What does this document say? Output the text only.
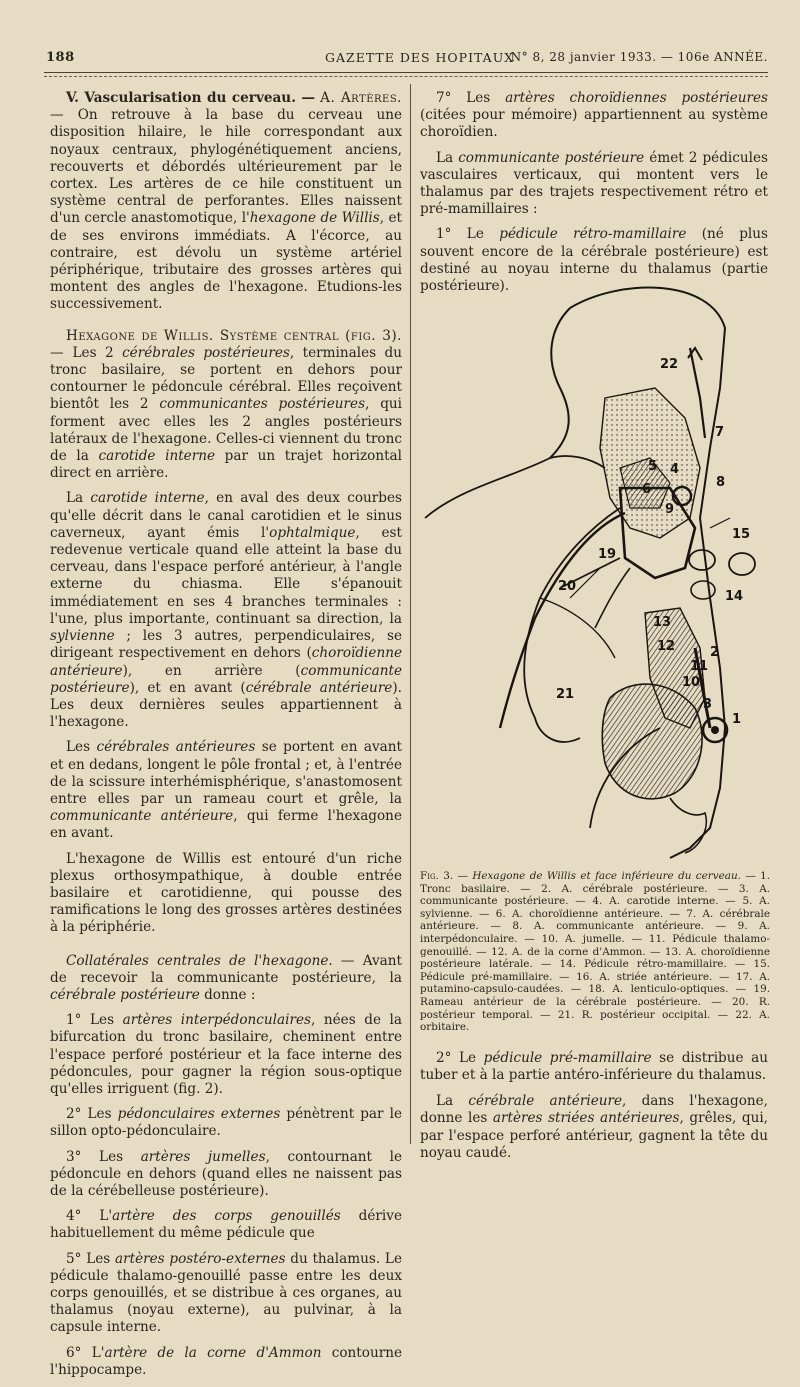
188	GAZETTE DES HOPITAUX
N° 8, 28 janvier 1933. — 106e ANNÉE.

V. Vascularisation du cerveau. — A. Artères. — On retrouve à la base du cerveau une disposition hilaire, le hile correspondant aux noyaux centraux, phylogénétiquement anciens, recouverts et débordés ultérieurement par le cortex. Les artères de ce hile constituent un système central de perforantes. Elles naissent d'un cercle anastomotique, l'hexagone de Willis, et de ses environs immédiats. A l'écorce, au contraire, est dévolu un système artériel périphérique, tributaire des grosses artères qui montent des angles de l'hexagone. Etudions-les successivement.

Hexagone de Willis. Système central (fig. 3). — Les 2 cérébrales postérieures, terminales du tronc basilaire, se portent en dehors pour contourner le pédoncule cérébral. Elles reçoivent bientôt les 2 communicantes postérieures, qui forment avec elles les 2 angles postérieurs latéraux de l'hexagone. Celles-ci viennent du tronc de la carotide interne par un trajet horizontal direct en arrière.

La carotide interne, en aval des deux courbes qu'elle décrit dans le canal carotidien et le sinus caverneux, ayant émis l'ophtalmique, est redevenue verticale quand elle atteint la base du cerveau, dans l'espace perforé antérieur, à l'angle externe du chiasma. Elle s'épanouit immédiatement en ses 4 branches terminales : l'une, plus importante, continuant sa direction, la sylvienne ; les 3 autres, perpendiculaires, se dirigeant respectivement en dehors (choroïdienne antérieure), en arrière (communicante postérieure), et en avant (cérébrale antérieure). Les deux dernières seules appartiennent à l'hexagone.

Les cérébrales antérieures se portent en avant et en dedans, longent le pôle frontal ; et, à l'entrée de la scissure interhémisphérique, s'anastomosent entre elles par un rameau court et grêle, la communicante antérieure, qui ferme l'hexagone en avant.

L'hexagone de Willis est entouré d'un riche plexus orthosympathique, à double entrée basilaire et carotidienne, qui pousse des ramifications le long des grosses artères destinées à la périphérie.

Collatérales centrales de l'hexagone. — Avant de recevoir la communicante postérieure, la cérébrale postérieure donne :

1° Les artères interpédonculaires, nées de la bifurcation du tronc basilaire, cheminent entre l'espace perforé postérieur et la face interne des pédoncules, pour gagner la région sous-optique qu'elles irriguent (fig. 2).

2° Les pédonculaires externes pénètrent par le sillon opto-pédonculaire.

3° Les artères jumelles, contournant le pédoncule en dehors (quand elles ne naissent pas de la cérébelleuse postérieure).

4° L'artère des corps genouillés dérive habituellement du même pédicule que

5° Les artères postéro-externes du thalamus. Le pédicule thalamo-genouillé passe entre les deux corps genouillés, et se distribue à ces organes, au thalamus (noyau externe), au pulvinar, à la capsule interne.

6° L'artère de la corne d'Ammon contourne l'hippocampe.

7° Les artères choroïdiennes postérieures (citées pour mémoire) appartiennent au système choroïdien.

La communicante postérieure émet 2 pédicules vasculaires verticaux, qui montent vers le thalamus par des trajets respectivement rétro et pré-mamillaires :

1° Le pédicule rétro-mamillaire (né plus souvent encore de la cérébrale postérieure) est destiné au noyau interne du thalamus (partie postérieure).

22
7
5 4
6
9
8
15
19
20
14
13
12	2
11
10
3
1
21
Fig. 3. — Hexagone de Willis et face inférieure du cerveau. — 1. Tronc basilaire. — 2. A. cérébrale postérieure. — 3. A. communicante postérieure. — 4. A. carotide interne. — 5. A. sylvienne. — 6. A. choroïdienne antérieure. — 7. A. cérébrale antérieure. — 8. A. communicante antérieure. — 9. A. interpédonculaire. — 10. A. jumelle. — 11. Pédicule thalamo-genouillé. — 12. A. de la corne d'Ammon. — 13. A. choroïdienne postérieure latérale. — 14. Pédicule rétro-mamillaire. — 15. Pédicule pré-mamillaire. — 16. A. striée antérieure. — 17. A. putamino-capsulo-caudées. — 18. A. lenticulo-optiques. — 19. Rameau antérieur de la cérébrale postérieure. — 20. R. postérieur temporal. — 21. R. postérieur occipital. — 22. A. orbitaire.

2° Le pédicule pré-mamillaire se distribue au tuber et à la partie antéro-inférieure du thalamus.

La cérébrale antérieure, dans l'hexagone, donne les artères striées antérieures, grêles, qui, par l'espace perforé antérieur, gagnent la tête du noyau caudé.
